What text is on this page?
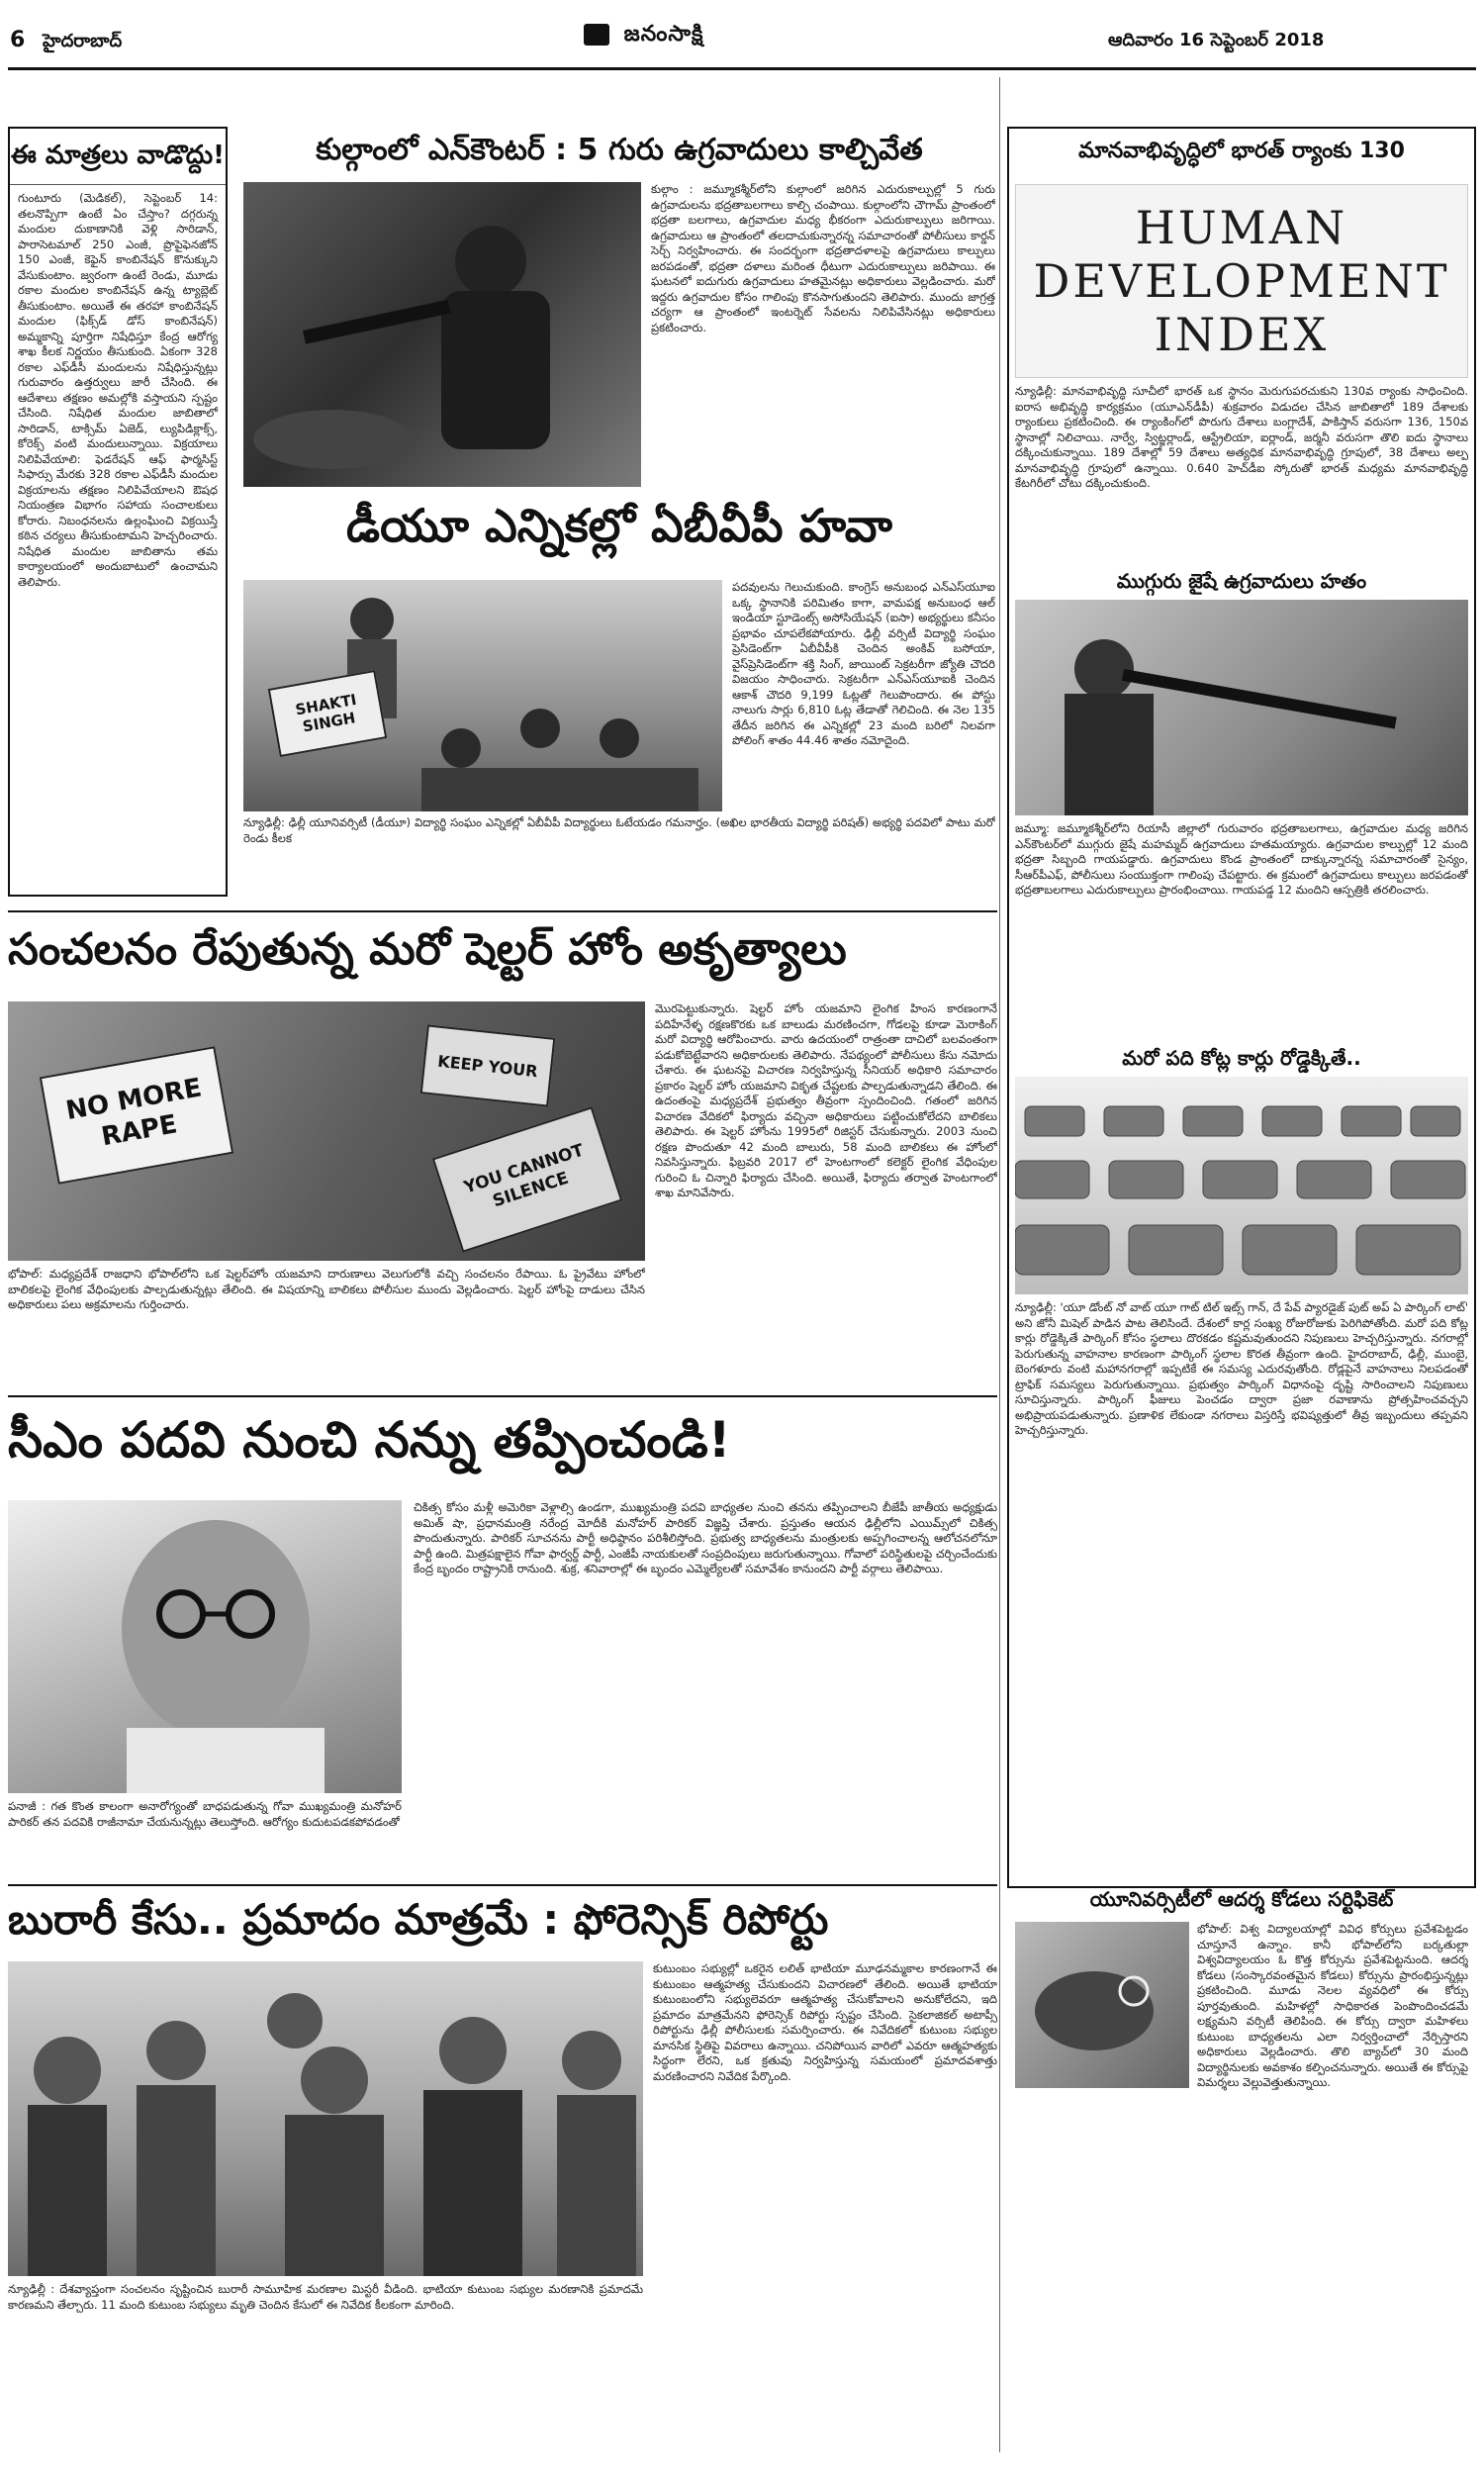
6 హైదరాబాద్	జనంసాక్షి	ఆదివారం 16 సెప్టెంబర్ 2018
ఈ మాత్రలు వాడొద్దు!
గుంటూరు (మెడికల్), సెప్టెంబర్ 14: తలనొప్పిగా ఉంటే ఏం చేస్తాం? దగ్గరున్న మందుల దుకాణానికి వెళ్లి సారిడాన్, పారాసెటమాల్ 250 ఎంజీ, ప్రొపైఫెనజోన్ 150 ఎంజీ, కెఫైన్ కాంబినేషన్ కొనుక్కుని వేసుకుంటాం. జ్వరంగా ఉంటే రెండు, మూడు రకాల మందుల కాంబినేషన్ ఉన్న ట్యాబ్లెట్ తీసుకుంటాం. అయితే ఈ తరహా కాంబినేషన్ మందుల (ఫిక్స్‌డ్ డోస్ కాంబినేషన్) అమ్మకాన్ని పూర్తిగా నిషేధిస్తూ కేంద్ర ఆరోగ్య శాఖ కీలక నిర్ణయం తీసుకుంది. ఏకంగా 328 రకాల ఎఫ్‌డీసీ మందులను నిషేధిస్తున్నట్లు గురువారం ఉత్తర్వులు జారీ చేసింది. ఈ ఆదేశాలు తక్షణం అమల్లోకి వస్తాయని స్పష్టం చేసింది. నిషేధిత మందుల జాబితాలో సారిడాన్, టాక్సిమ్ ఏజెడ్, ల్యుపిడిక్లాక్స్, కోరెక్స్ వంటి మందులున్నాయి. విక్రయాలు నిలిపివేయాలి: ఫెడరేషన్ ఆఫ్ ఫార్మసిస్ట్ సిఫార్సు మేరకు 328 రకాల ఎఫ్‌డీసీ మందుల విక్రయాలను తక్షణం నిలిపివేయాలని ఔషధ నియంత్రణ విభాగం సహాయ సంచాలకులు కోరారు. నిబంధనలను ఉల్లంఘించి విక్రయిస్తే కఠిన చర్యలు తీసుకుంటామని హెచ్చరించారు. నిషేధిత మందుల జాబితాను తమ కార్యాలయంలో అందుబాటులో ఉంచామని తెలిపారు.
కుల్గాంలో ఎన్‌కౌంటర్ : 5 గురు ఉగ్రవాదులు కాల్చివేత
కుల్గాం : జమ్మూకశ్మీర్‌లోని కుల్గాంలో జరిగిన ఎదురుకాల్పుల్లో 5 గురు ఉగ్రవాదులను భద్రతాబలగాలు కాల్చి చంపాయి. కుల్గాంలోని చౌగామ్ ప్రాంతంలో భద్రతా బలగాలు, ఉగ్రవాదుల మధ్య భీకరంగా ఎదురుకాల్పులు జరిగాయి. ఉగ్రవాదులు ఆ ప్రాంతంలో తలదాచుకున్నారన్న సమాచారంతో పోలీసులు కార్డన్ సెర్చ్ నిర్వహించారు. ఈ సందర్భంగా భద్రతాదళాలపై ఉగ్రవాదులు కాల్పులు జరపడంతో, భద్రతా దళాలు మరింత ధీటుగా ఎదురుకాల్పులు జరిపాయి. ఈ ఘటనలో ఐదుగురు ఉగ్రవాదులు హతమైనట్లు అధికారులు వెల్లడించారు. మరో ఇద్దరు ఉగ్రవాదుల కోసం గాలింపు కొనసాగుతుందని తెలిపారు. ముందు జాగ్రత్త చర్యగా ఆ ప్రాంతంలో ఇంటర్నెట్ సేవలను నిలిపివేసినట్లు అధికారులు ప్రకటించారు.
డీయూ ఎన్నికల్లో ఏబీవీపీ హవా
SHAKTI SINGH
పదవులను గెలుచుకుంది. కాంగ్రెస్ అనుబంధ ఎన్‌ఎస్‌యూఐ ఒక్క స్థానానికి పరిమితం కాగా, వామపక్ష అనుబంధ ఆల్ ఇండియా స్టూడెంట్స్ అసోసియేషన్ (ఐసా) అభ్యర్థులు కనీసం ప్రభావం చూపలేకపోయారు. ఢిల్లీ వర్సిటీ విద్యార్థి సంఘం ప్రెసిడెంట్‌గా ఏబీవీపీకి చెందిన అంకివ్ బసోయా, వైస్‌ప్రెసిడెంట్‌గా శక్తి సింగ్, జాయింట్ సెక్రటరీగా జ్యోతి చౌదరి విజయం సాధించారు. సెక్రటరీగా ఎన్‌ఎస్‌యూఐకి చెందిన ఆకాశ్ చౌదరి 9,199 ఓట్లతో గెలుపొందారు. ఈ పోస్టు నాలుగు సార్లు 6,810 ఓట్ల తేడాతో గెలిచింది. ఈ నెల 135 తేదీన జరిగిన ఈ ఎన్నికల్లో 23 మంది బరిలో నిలవగా పోలింగ్ శాతం 44.46 శాతం నమోదైంది.
న్యూఢిల్లీ: ఢిల్లీ యూనివర్సిటీ (డీయూ) విద్యార్థి సంఘం ఎన్నికల్లో ఏబీవీపీ విద్యార్థులు ఓటేయడం గమనార్హం. (అఖిల భారతీయ విద్యార్థి పరిషత్) అభ్యర్థి పదవిలో పాటు మరో రెండు కీలక
సంచలనం రేపుతున్న మరో షెల్టర్ హోం అకృత్యాలు
NO MORE RAPE
KEEP YOUR
YOU CANNOT SILENCE
భోపాల్: మధ్యప్రదేశ్ రాజధాని భోపాల్‌లోని ఒక షెల్టర్‌హోం యజమాని దారుణాలు వెలుగులోకి వచ్చి సంచలనం రేపాయి. ఓ ప్రైవేటు హోంలో బాలికలపై లైంగిక వేధింపులకు పాల్పడుతున్నట్లు తేలింది. ఈ విషయాన్ని బాలికలు పోలీసుల ముందు వెల్లడించారు. షెల్టర్ హోంపై దాడులు చేసిన అధికారులు పలు అక్రమాలను గుర్తించారు.
మొరపెట్టుకున్నారు. షెల్టర్ హోం యజమాని లైంగిక హింస కారణంగానే పదిహేనేళ్ళ రక్షణకొరకు ఒక బాలుడు మరణించగా, గోడలపై కూడా మెరాకింగ్ మరో విద్యార్థి ఆరోపించారు. వారు ఉదయంలో రాత్రంతా దాచిలో బలవంతంగా పడుకోబెట్టేవారని అధికారులకు తెలిపారు. నేపథ్యంలో పోలీసులు కేసు నమోదు చేశారు. ఈ ఘటనపై విచారణ నిర్వహిస్తున్న సీనియర్ అధికారి సమాచారం ప్రకారం షెల్టర్ హోం యజమాని వికృత చేష్టలకు పాల్పడుతున్నాడని తేలింది. ఈ ఉదంతంపై మధ్యప్రదేశ్ ప్రభుత్వం తీవ్రంగా స్పందించింది. గతంలో జరిగిన విచారణ వేదికలో ఫిర్యాదు వచ్చినా అధికారులు పట్టించుకోలేదని బాలికలు తెలిపారు. ఈ షెల్టర్ హోంను 1995లో రిజిస్టర్ చేసుకున్నారు. 2003 నుంచి రక్షణ పొందుతూ 42 మంది బాలురు, 58 మంది బాలికలు ఈ హోంలో నివసిస్తున్నారు. ఫిబ్రవరి 2017 లో హెంటగాంలో కలెక్టర్ లైంగిక వేధింపుల గురించి ఓ చిన్నారి ఫిర్యాదు చేసింది. అయితే, ఫిర్యాదు తర్వాత హెంటగాంలో శాఖ మానివేసారు.
సీఎం పదవి నుంచి నన్ను తప్పించండి!
పనాజీ : గత కొంత కాలంగా అనారోగ్యంతో బాధపడుతున్న గోవా ముఖ్యమంత్రి మనోహర్ పారికర్ తన పదవికి రాజీనామా చేయనున్నట్లు తెలుస్తోంది. ఆరోగ్యం కుదుటపడకపోవడంతో
చికిత్స కోసం మళ్లీ అమెరికా వెళ్లాల్సి ఉండగా, ముఖ్యమంత్రి పదవి బాధ్యతల నుంచి తనను తప్పించాలని బీజేపీ జాతీయ అధ్యక్షుడు అమిత్ షా, ప్రధానమంత్రి నరేంద్ర మోదీకి మనోహర్ పారికర్ విజ్ఞప్తి చేశారు. ప్రస్తుతం ఆయన ఢిల్లీలోని ఎయిమ్స్‌లో చికిత్స పొందుతున్నారు. పారికర్ సూచనను పార్టీ అధిష్ఠానం పరిశీలిస్తోంది. ప్రభుత్వ బాధ్యతలను మంత్రులకు అప్పగించాలన్న ఆలోచనలోనూ పార్టీ ఉంది. మిత్రపక్షాలైన గోవా ఫార్వర్డ్ పార్టీ, ఎంజీపీ నాయకులతో సంప్రదింపులు జరుగుతున్నాయి. గోవాలో పరిస్థితులపై చర్చించేందుకు కేంద్ర బృందం రాష్ట్రానికి రానుంది. శుక్ర, శనివారాల్లో ఈ బృందం ఎమ్మెల్యేలతో సమావేశం కానుందని పార్టీ వర్గాలు తెలిపాయి.
బురారీ కేసు.. ప్రమాదం మాత్రమే : ఫోరెన్సిక్ రిపోర్టు
కుటుంబం సభ్యుల్లో ఒకరైన లలిత్ భాటియా మూఢనమ్మకాల కారణంగానే ఈ కుటుంబం ఆత్మహత్య చేసుకుందని విచారణలో తేలింది. అయితే భాటియా కుటుంబంలోని సభ్యులెవరూ ఆత్మహత్య చేసుకోవాలని అనుకోలేదని, ఇది ప్రమాదం మాత్రమేనని ఫోరెన్సిక్ రిపోర్టు స్పష్టం చేసింది. సైకలాజికల్ అటాప్సీ రిపోర్టును ఢిల్లీ పోలీసులకు సమర్పించారు. ఈ నివేదికలో కుటుంబ సభ్యుల మానసిక స్థితిపై వివరాలు ఉన్నాయి. చనిపోయిన వారిలో ఎవరూ ఆత్మహత్యకు సిద్ధంగా లేరని, ఒక క్రతువు నిర్వహిస్తున్న సమయంలో ప్రమాదవశాత్తు మరణించారని నివేదిక పేర్కొంది.
న్యూఢిల్లీ : దేశవ్యాప్తంగా సంచలనం సృష్టించిన బురారీ సామూహిక మరణాల మిస్టరీ వీడింది. భాటియా కుటుంబ సభ్యుల మరణానికి ప్రమాదమే కారణమని తేల్చారు. 11 మంది కుటుంబ సభ్యులు మృతి చెందిన కేసులో ఈ నివేదిక కీలకంగా మారింది.
మానవాభివృద్ధిలో భారత్ ర్యాంకు 130
HUMAN
DEVELOPMENT
INDEX
న్యూఢిల్లీ: మానవాభివృద్ధి సూచీలో భారత్ ఒక స్థానం మెరుగుపరచుకుని 130వ ర్యాంకు సాధించింది. ఐరాస అభివృద్ధి కార్యక్రమం (యూఎన్‌డీపీ) శుక్రవారం విడుదల చేసిన జాబితాలో 189 దేశాలకు ర్యాంకులు ప్రకటించింది. ఈ ర్యాంకింగ్‌లో పొరుగు దేశాలు బంగ్లాదేశ్, పాకిస్తాన్ వరుసగా 136, 150వ స్థానాల్లో నిలిచాయి. నార్వే, స్విట్జర్లాండ్, ఆస్ట్రేలియా, ఐర్లాండ్, జర్మనీ వరుసగా తొలి ఐదు స్థానాలు దక్కించుకున్నాయి. 189 దేశాల్లో 59 దేశాలు అత్యధిక మానవాభివృద్ధి గ్రూపులో, 38 దేశాలు అల్ప మానవాభివృద్ధి గ్రూపులో ఉన్నాయి. 0.640 హెచ్‌డీఐ స్కోరుతో భారత్ మధ్యమ మానవాభివృద్ధి కేటగిరీలో చోటు దక్కించుకుంది.
ముగ్గురు జైషే ఉగ్రవాదులు హతం
జమ్మూ: జమ్మూకశ్మీర్‌లోని రియాసీ జిల్లాలో గురువారం భద్రతాబలగాలు, ఉగ్రవాదుల మధ్య జరిగిన ఎన్‌కౌంటర్‌లో ముగ్గురు జైషే మహమ్మద్ ఉగ్రవాదులు హతమయ్యారు. ఉగ్రవాదుల కాల్పుల్లో 12 మంది భద్రతా సిబ్బంది గాయపడ్డారు. ఉగ్రవాదులు కొండ ప్రాంతంలో దాక్కున్నారన్న సమాచారంతో సైన్యం, సీఆర్‌పీఎఫ్, పోలీసులు సంయుక్తంగా గాలింపు చేపట్టారు. ఈ క్రమంలో ఉగ్రవాదులు కాల్పులు జరపడంతో భద్రతాబలగాలు ఎదురుకాల్పులు ప్రారంభించాయి. గాయపడ్డ 12 మందిని ఆస్పత్రికి తరలించారు.
మరో పది కోట్ల కార్లు రోడ్డెక్కితే..
న్యూఢిల్లీ: 'యూ డోంట్ నో వాట్ యూ గాట్ టిల్ ఇట్స్ గాన్, దే పేవ్ ప్యారడైజ్ పుట్ అప్ ఏ పార్కింగ్ లాట్' అని జోనీ మిషెల్ పాడిన పాట తెలిసిందే. దేశంలో కార్ల సంఖ్య రోజురోజుకు పెరిగిపోతోంది. మరో పది కోట్ల కార్లు రోడ్డెక్కితే పార్కింగ్ కోసం స్థలాలు దొరకడం కష్టమవుతుందని నిపుణులు హెచ్చరిస్తున్నారు. నగరాల్లో పెరుగుతున్న వాహనాల కారణంగా పార్కింగ్ స్థలాల కొరత తీవ్రంగా ఉంది. హైదరాబాద్, ఢిల్లీ, ముంబై, బెంగళూరు వంటి మహానగరాల్లో ఇప్పటికే ఈ సమస్య ఎదురవుతోంది. రోడ్లపైనే వాహనాలు నిలపడంతో ట్రాఫిక్ సమస్యలు పెరుగుతున్నాయి. ప్రభుత్వం పార్కింగ్ విధానంపై దృష్టి సారించాలని నిపుణులు సూచిస్తున్నారు. పార్కింగ్ ఫీజులు పెంచడం ద్వారా ప్రజా రవాణాను ప్రోత్సహించవచ్చని అభిప్రాయపడుతున్నారు. ప్రణాళిక లేకుండా నగరాలు విస్తరిస్తే భవిష్యత్తులో తీవ్ర ఇబ్బందులు తప్పవని హెచ్చరిస్తున్నారు.
యూనివర్సిటీలో ఆదర్శ కోడలు సర్టిఫికెట్
భోపాల్: విశ్వ విద్యాలయాల్లో వివిధ కోర్సులు ప్రవేశపెట్టడం చూస్తూనే ఉన్నాం. కానీ భోపాల్‌లోని బర్కతుల్లా విశ్వవిద్యాలయం ఓ కొత్త కోర్సును ప్రవేశపెట్టనుంది. ఆదర్శ కోడలు (సంస్కారవంతమైన కోడలు) కోర్సును ప్రారంభిస్తున్నట్లు ప్రకటించింది. మూడు నెలల వ్యవధిలో ఈ కోర్సు పూర్తవుతుంది. మహిళల్లో సాధికారత పెంపొందించడమే లక్ష్యమని వర్సిటీ తెలిపింది. ఈ కోర్సు ద్వారా మహిళలు కుటుంబ బాధ్యతలను ఎలా నిర్వర్తించాలో నేర్పిస్తారని అధికారులు వెల్లడించారు. తొలి బ్యాచ్‌లో 30 మంది విద్యార్థినులకు అవకాశం కల్పించనున్నారు. అయితే ఈ కోర్సుపై విమర్శలు వెల్లువెత్తుతున్నాయి.
